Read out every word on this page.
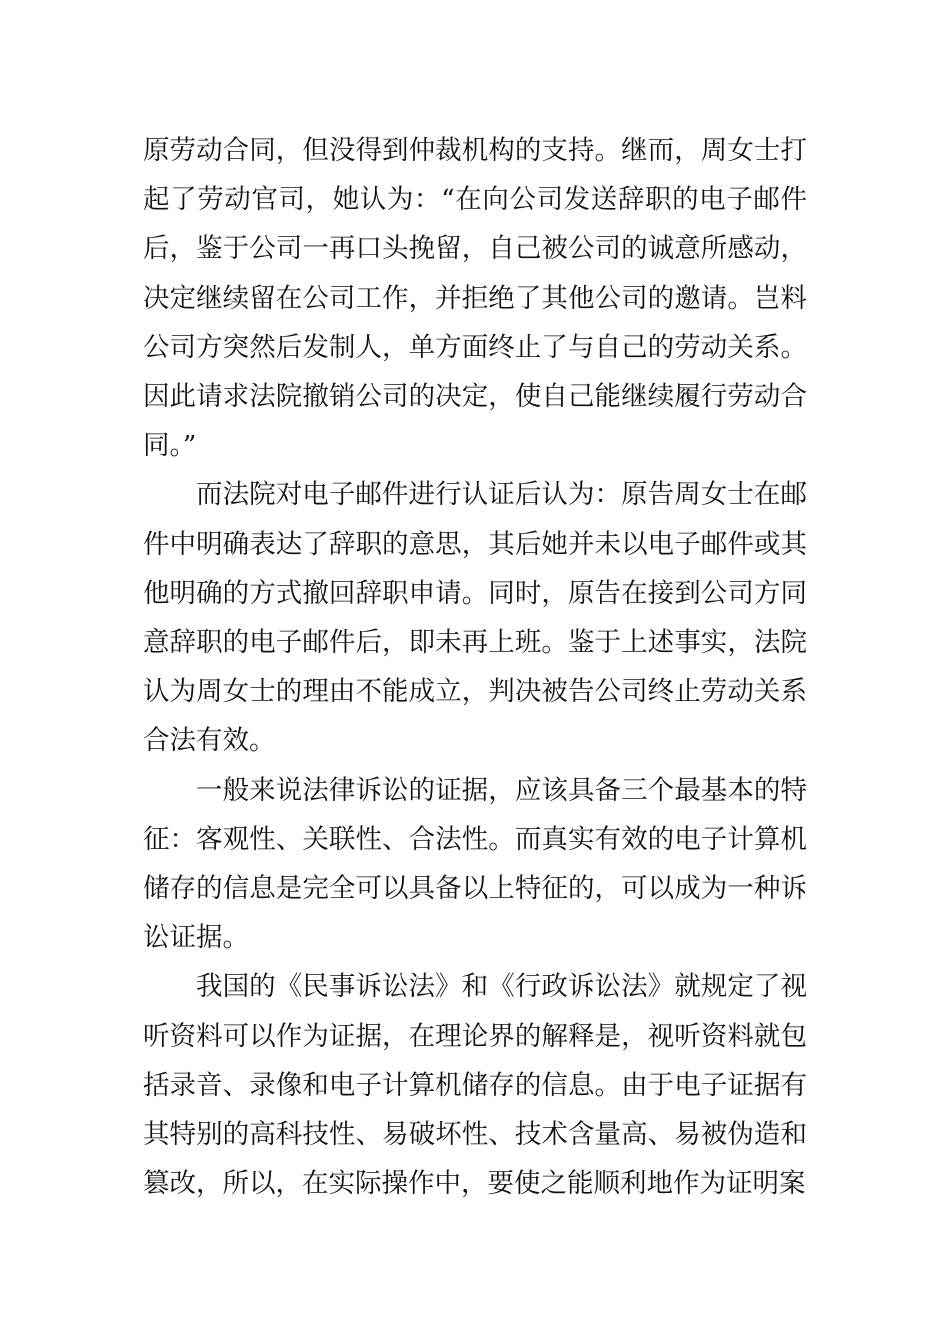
原劳动合同，但没得到仲裁机构的支持。继而，周女士打起了劳动官司，她认为：“在向公司发送辞职的电子邮件后，鉴于公司一再口头挽留，自己被公司的诚意所感动，决定继续留在公司工作，并拒绝了其他公司的邀请。岂料公司方突然后发制人，单方面终止了与自己的劳动关系。因此请求法院撤销公司的决定，使自己能继续履行劳动合同。”

而法院对电子邮件进行认证后认为：原告周女士在邮件中明确表达了辞职的意思，其后她并未以电子邮件或其他明确的方式撤回辞职申请。同时，原告在接到公司方同意辞职的电子邮件后，即未再上班。鉴于上述事实，法院认为周女士的理由不能成立，判决被告公司终止劳动关系合法有效。

一般来说法律诉讼的证据，应该具备三个最基本的特征：客观性、关联性、合法性。而真实有效的电子计算机储存的信息是完全可以具备以上特征的，可以成为一种诉讼证据。

我国的《民事诉讼法》和《行政诉讼法》就规定了视听资料可以作为证据，在理论界的解释是，视听资料就包括录音、录像和电子计算机储存的信息。由于电子证据有其特别的高科技性、易破坏性、技术含量高、易被伪造和篡改，所以，在实际操作中，要使之能顺利地作为证明案
